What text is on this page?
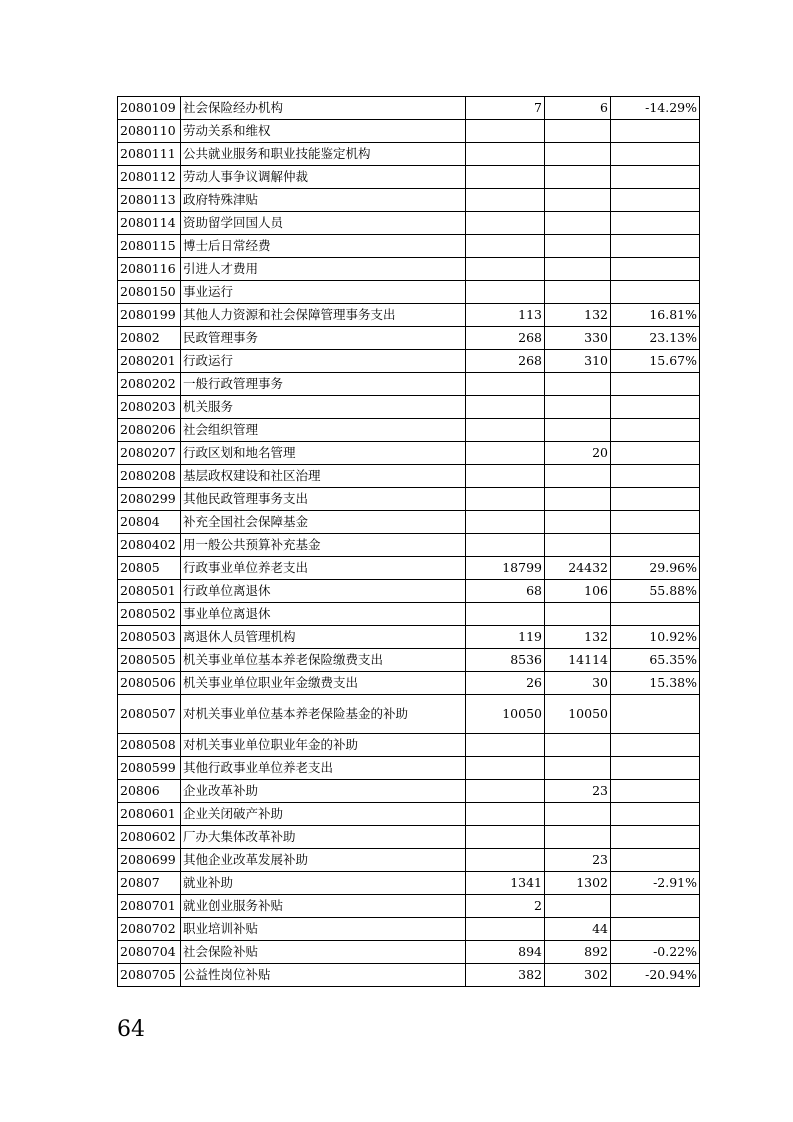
2080109	社会保险经办机构	7	6	-14.29%
2080110	劳动关系和维权			
2080111	公共就业服务和职业技能鉴定机构			
2080112	劳动人事争议调解仲裁			
2080113	政府特殊津贴			
2080114	资助留学回国人员			
2080115	博士后日常经费			
2080116	引进人才费用			
2080150	事业运行			
2080199	其他人力资源和社会保障管理事务支出	113	132	16.81%
20802	民政管理事务	268	330	23.13%
2080201	行政运行	268	310	15.67%
2080202	一般行政管理事务			
2080203	机关服务			
2080206	社会组织管理			
2080207	行政区划和地名管理		20	
2080208	基层政权建设和社区治理			
2080299	其他民政管理事务支出			
20804	补充全国社会保障基金			
2080402	用一般公共预算补充基金			
20805	行政事业单位养老支出	18799	24432	29.96%
2080501	行政单位离退休	68	106	55.88%
2080502	事业单位离退休			
2080503	离退休人员管理机构	119	132	10.92%
2080505	机关事业单位基本养老保险缴费支出	8536	14114	65.35%
2080506	机关事业单位职业年金缴费支出	26	30	15.38%
2080507	对机关事业单位基本养老保险基金的补助	10050	10050	
2080508	对机关事业单位职业年金的补助			
2080599	其他行政事业单位养老支出			
20806	企业改革补助		23	
2080601	企业关闭破产补助			
2080602	厂办大集体改革补助			
2080699	其他企业改革发展补助		23	
20807	就业补助	1341	1302	-2.91%
2080701	就业创业服务补贴	2		
2080702	职业培训补贴		44	
2080704	社会保险补贴	894	892	-0.22%
2080705	公益性岗位补贴	382	302	-20.94%
64
